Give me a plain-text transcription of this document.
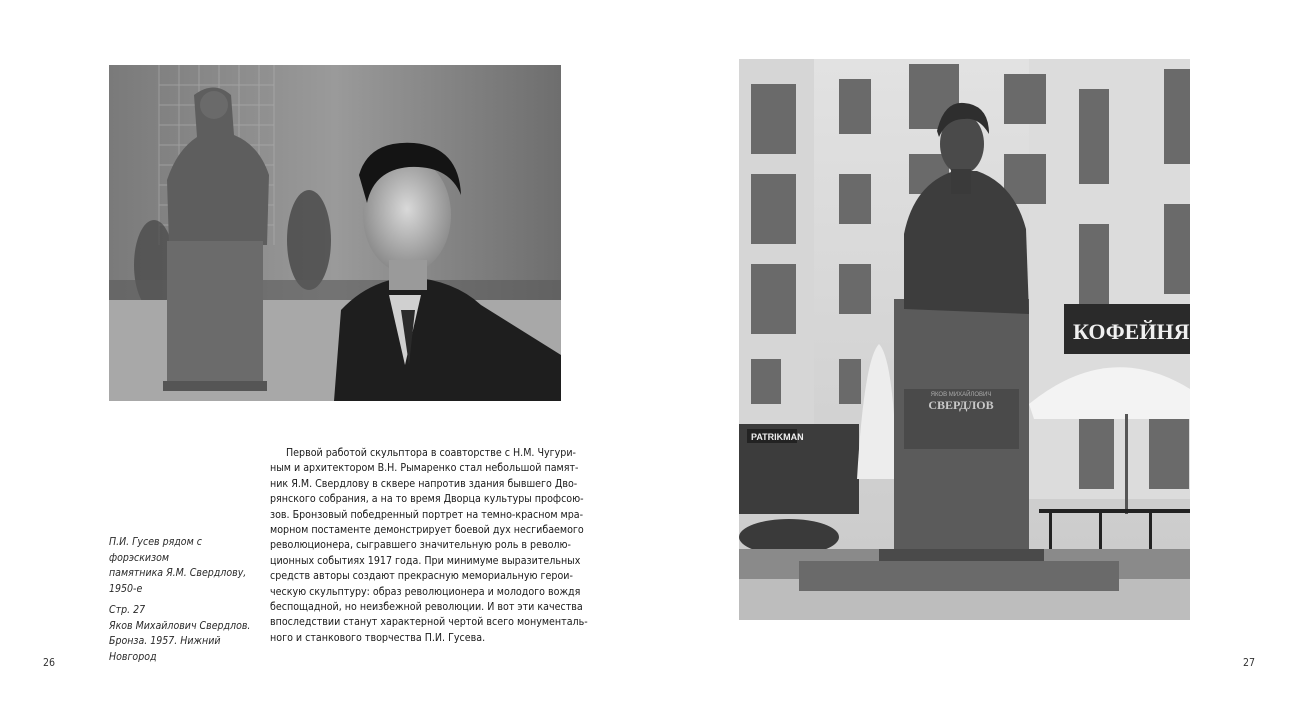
П.И. Гусев рядом с форэскизом
памятника Я.М. Свердлову,
1950-е

Стр. 27
Яков Михайлович Свердлов.
Бронза. 1957. Нижний Новгород

Первой работой скульптора в соавторстве с Н.М. Чугури-
ным и архитектором В.Н. Рымаренко стал небольшой памят-
ник Я.М. Свердлову в сквере напротив здания бывшего Дво-
рянского собрания, а на то время Дворца культуры профсою-
зов. Бронзовый победренный портрет на темно-красном мра-
морном постаменте демонстрирует боевой дух несгибаемого
революционера, сыгравшего значительную роль в револю-
ционных событиях 1917 года. При минимуме выразительных
средств авторы создают прекрасную мемориальную герои-
ческую скульптуру: образ революционера и молодого вождя
беспощадной, но неизбежной революции. И вот эти качества
впоследствии станут характерной чертой всего монументаль-
ного и станкового творчества П.И. Гусева.
26
PATRIKMAN
КОФЕЙНЯ
ЯКОВ МИХАЙЛОВИЧ
СВЕРДЛОВ
27
